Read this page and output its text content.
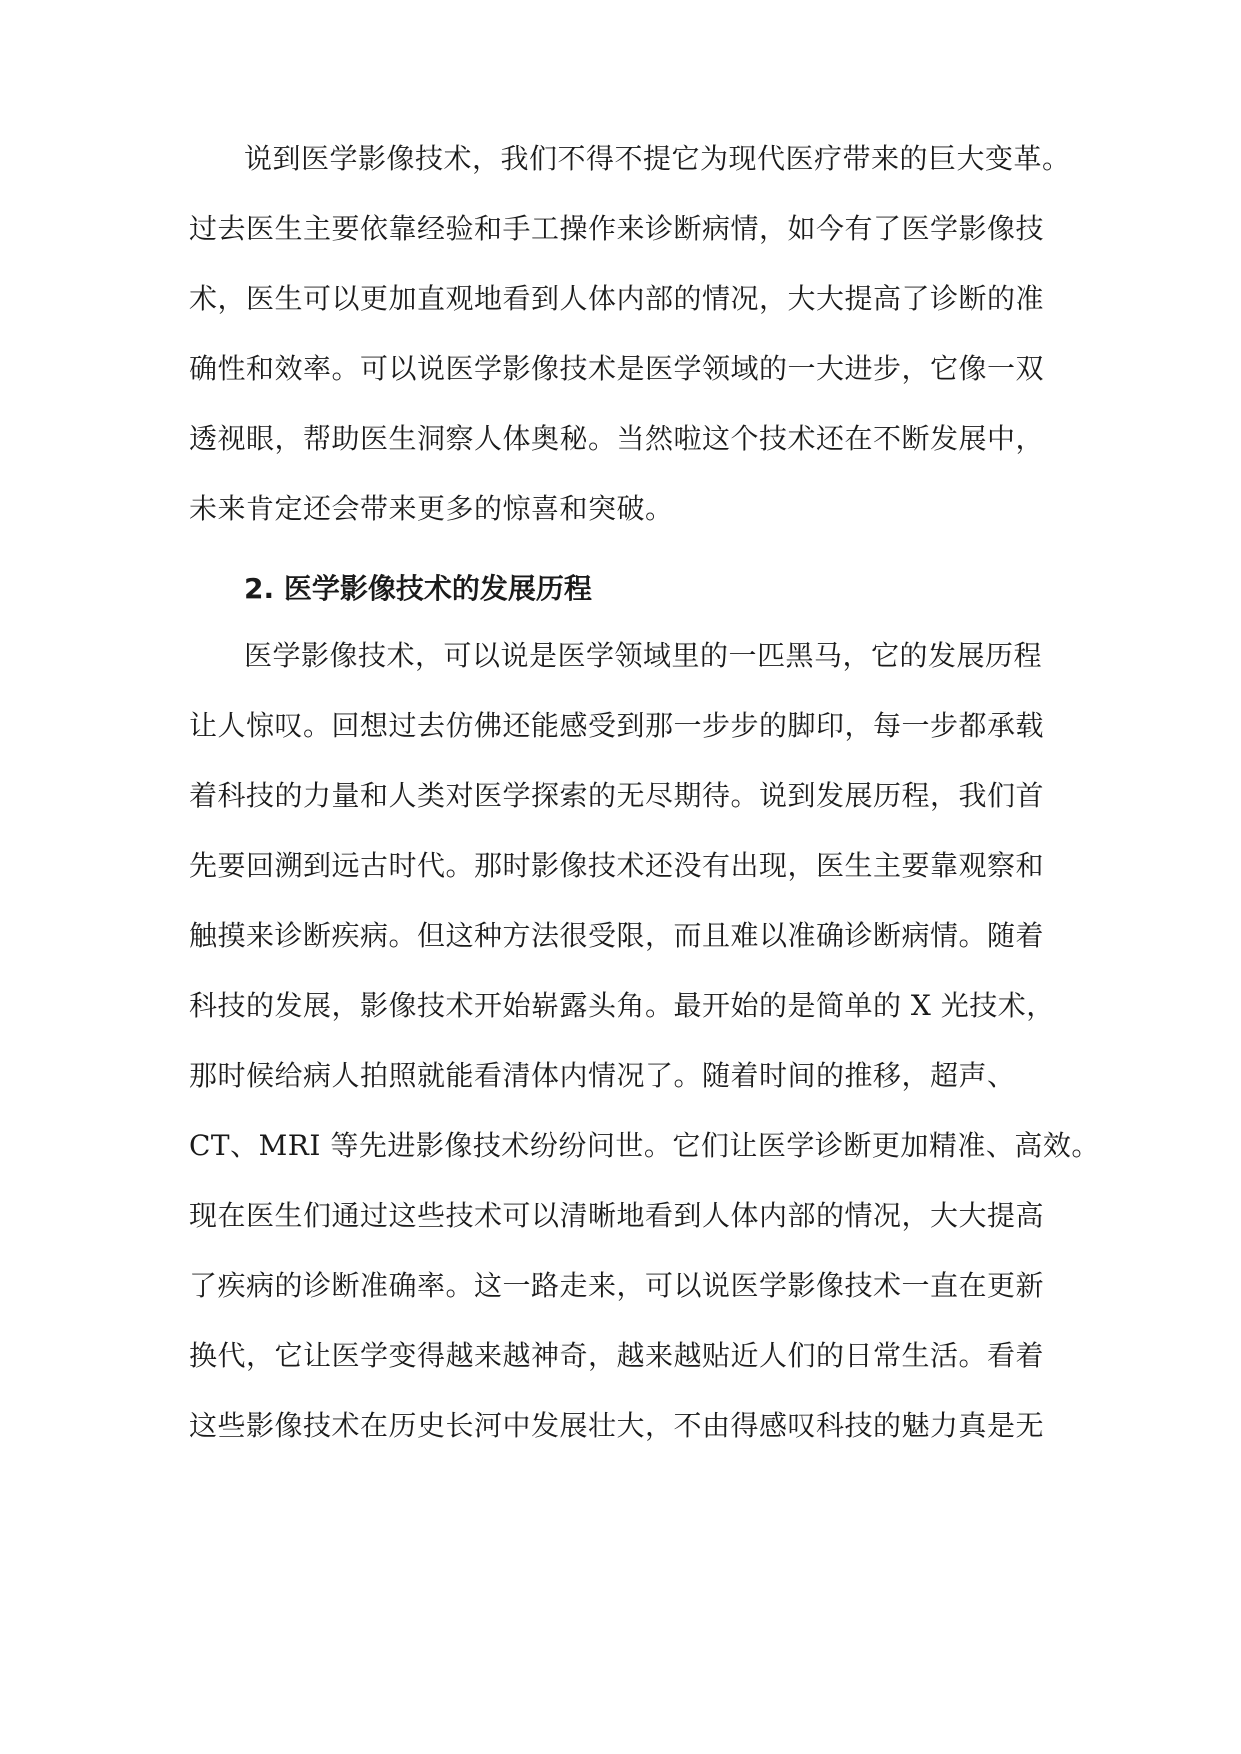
说到医学影像技术，我们不得不提它为现代医疗带来的巨大变革。
过去医生主要依靠经验和手工操作来诊断病情，如今有了医学影像技
术，医生可以更加直观地看到人体内部的情况，大大提高了诊断的准
确性和效率。可以说医学影像技术是医学领域的一大进步，它像一双
透视眼，帮助医生洞察人体奥秘。当然啦这个技术还在不断发展中，
未来肯定还会带来更多的惊喜和突破。
2. 医学影像技术的发展历程
医学影像技术，可以说是医学领域里的一匹黑马，它的发展历程
让人惊叹。回想过去仿佛还能感受到那一步步的脚印，每一步都承载
着科技的力量和人类对医学探索的无尽期待。说到发展历程，我们首
先要回溯到远古时代。那时影像技术还没有出现，医生主要靠观察和
触摸来诊断疾病。但这种方法很受限，而且难以准确诊断病情。随着
科技的发展，影像技术开始崭露头角。最开始的是简单的 X 光技术，
那时候给病人拍照就能看清体内情况了。随着时间的推移，超声、
CT、MRI 等先进影像技术纷纷问世。它们让医学诊断更加精准、高效。
现在医生们通过这些技术可以清晰地看到人体内部的情况，大大提高
了疾病的诊断准确率。这一路走来，可以说医学影像技术一直在更新
换代，它让医学变得越来越神奇，越来越贴近人们的日常生活。看着
这些影像技术在历史长河中发展壮大，不由得感叹科技的魅力真是无
